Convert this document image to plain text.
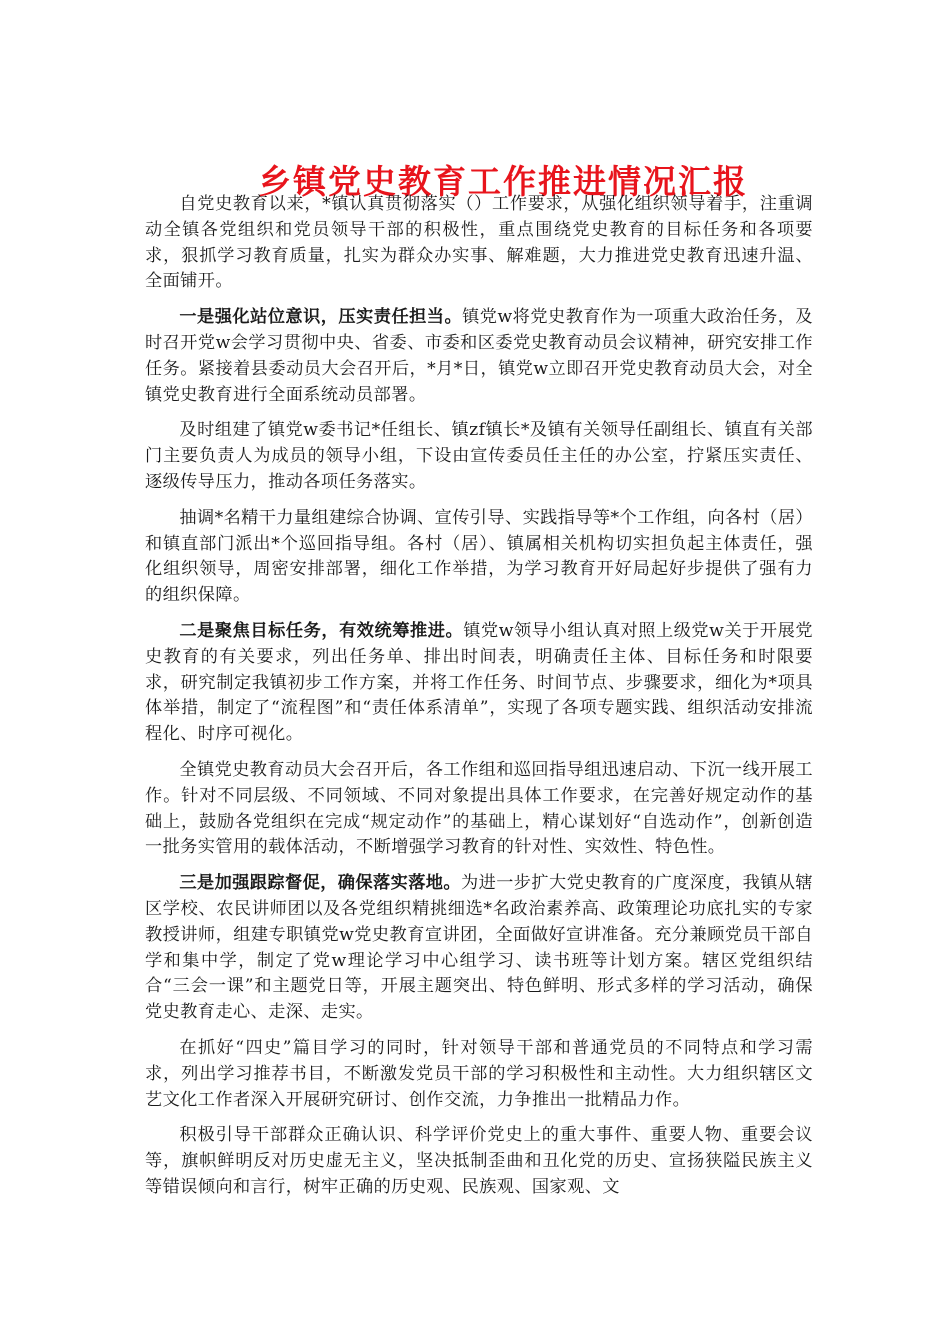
乡镇党史教育工作推进情况汇报

自党史教育以来，*镇认真贯彻落实（）工作要求，从强化组织领导着手，注重调动全镇各党组织和党员领导干部的积极性，重点围绕党史教育的目标任务和各项要求，狠抓学习教育质量，扎实为群众办实事、解难题，大力推进党史教育迅速升温、全面铺开。

一是强化站位意识，压实责任担当。镇党w将党史教育作为一项重大政治任务，及时召开党w会学习贯彻中央、省委、市委和区委党史教育动员会议精神，研究安排工作任务。紧接着县委动员大会召开后，*月*日，镇党w立即召开党史教育动员大会，对全镇党史教育进行全面系统动员部署。

及时组建了镇党w委书记*任组长、镇zf镇长*及镇有关领导任副组长、镇直有关部门主要负责人为成员的领导小组，下设由宣传委员任主任的办公室，拧紧压实责任、逐级传导压力，推动各项任务落实。

抽调*名精干力量组建综合协调、宣传引导、实践指导等*个工作组，向各村（居）和镇直部门派出*个巡回指导组。各村（居）、镇属相关机构切实担负起主体责任，强化组织领导，周密安排部署，细化工作举措，为学习教育开好局起好步提供了强有力的组织保障。

二是聚焦目标任务，有效统筹推进。镇党w领导小组认真对照上级党w关于开展党史教育的有关要求，列出任务单、排出时间表，明确责任主体、目标任务和时限要求，研究制定我镇初步工作方案，并将工作任务、时间节点、步骤要求，细化为*项具体举措，制定了“流程图”和“责任体系清单”，实现了各项专题实践、组织活动安排流程化、时序可视化。

全镇党史教育动员大会召开后，各工作组和巡回指导组迅速启动、下沉一线开展工作。针对不同层级、不同领域、不同对象提出具体工作要求，在完善好规定动作的基础上，鼓励各党组织在完成“规定动作”的基础上，精心谋划好“自选动作”，创新创造一批务实管用的载体活动，不断增强学习教育的针对性、实效性、特色性。

三是加强跟踪督促，确保落实落地。为进一步扩大党史教育的广度深度，我镇从辖区学校、农民讲师团以及各党组织精挑细选*名政治素养高、政策理论功底扎实的专家教授讲师，组建专职镇党w党史教育宣讲团，全面做好宣讲准备。充分兼顾党员干部自学和集中学，制定了党w理论学习中心组学习、读书班等计划方案。辖区党组织结合“三会一课”和主题党日等，开展主题突出、特色鲜明、形式多样的学习活动，确保党史教育走心、走深、走实。

在抓好“四史”篇目学习的同时，针对领导干部和普通党员的不同特点和学习需求，列出学习推荐书目，不断激发党员干部的学习积极性和主动性。大力组织辖区文艺文化工作者深入开展研究研讨、创作交流，力争推出一批精品力作。

积极引导干部群众正确认识、科学评价党史上的重大事件、重要人物、重要会议等，旗帜鲜明反对历史虚无主义，坚决抵制歪曲和丑化党的历史、宣扬狭隘民族主义等错误倾向和言行，树牢正确的历史观、民族观、国家观、文
